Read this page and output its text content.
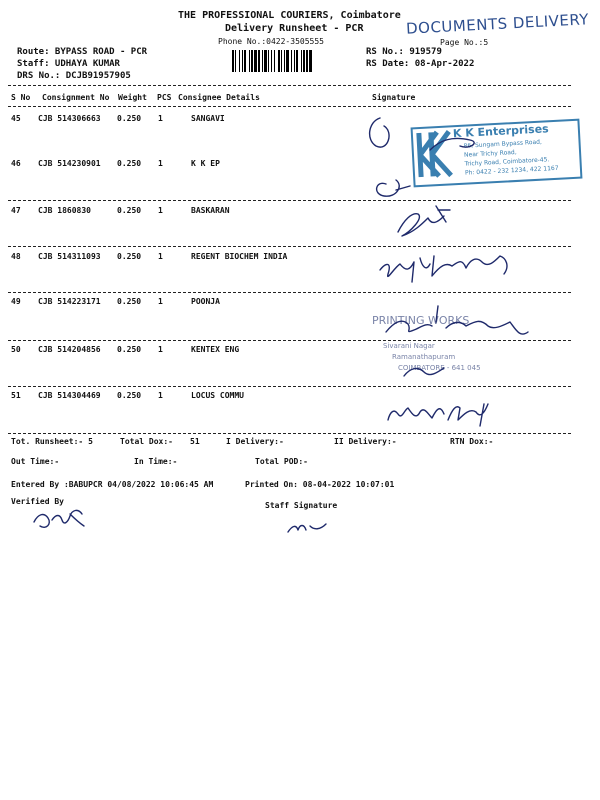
THE PROFESSIONAL COURIERS, Coimbatore
Delivery Runsheet - PCR
Phone No.:0422-3505555	Page No.:5
DOCUMENTS DELIVERY
Route: BYPASS ROAD - PCR
Staff: UDHAYA KUMAR
DRS No.: DCJB91957905
RS No.: 919579
RS Date: 08-Apr-2022
S No Consignment No Weight PCS Consignee Details	Signature
45 CJB 514306663 0.250 1	SANGAVI
46 CJB 514230901 0.250 1	K K EP
47 CJB 1860830	0.250 1	BASKARAN
48 CJB 514311093 0.250 1	REGENT BIOCHEM INDIA
49 CJB 514223171 0.250 1	POONJA
50 CJB 514204856 0.250 1	KENTEX ENG
51 CJB 514304469 0.250 1	LOCUS COMMU
Tot. Runsheet:- 5	Total Dox:- 51	I Delivery:-	II Delivery:-	RTN Dox:-
Out Time:-	In Time:-	Total POD:-
Entered By :BABUPCR 04/08/2022 10:06:45 AM	Printed On: 08-04-2022 10:07:01
Verified By	Staff Signature
K K Enterprises
86, Sungam Bypass Road,
Near Trichy Road,
Trichy Road, Coimbatore-45.
Ph: 0422 - 232 1234, 422 1167
PRINTING WORKS
Sivarani Nagar
Ramanathapuram
COIMBATORE - 641 045
